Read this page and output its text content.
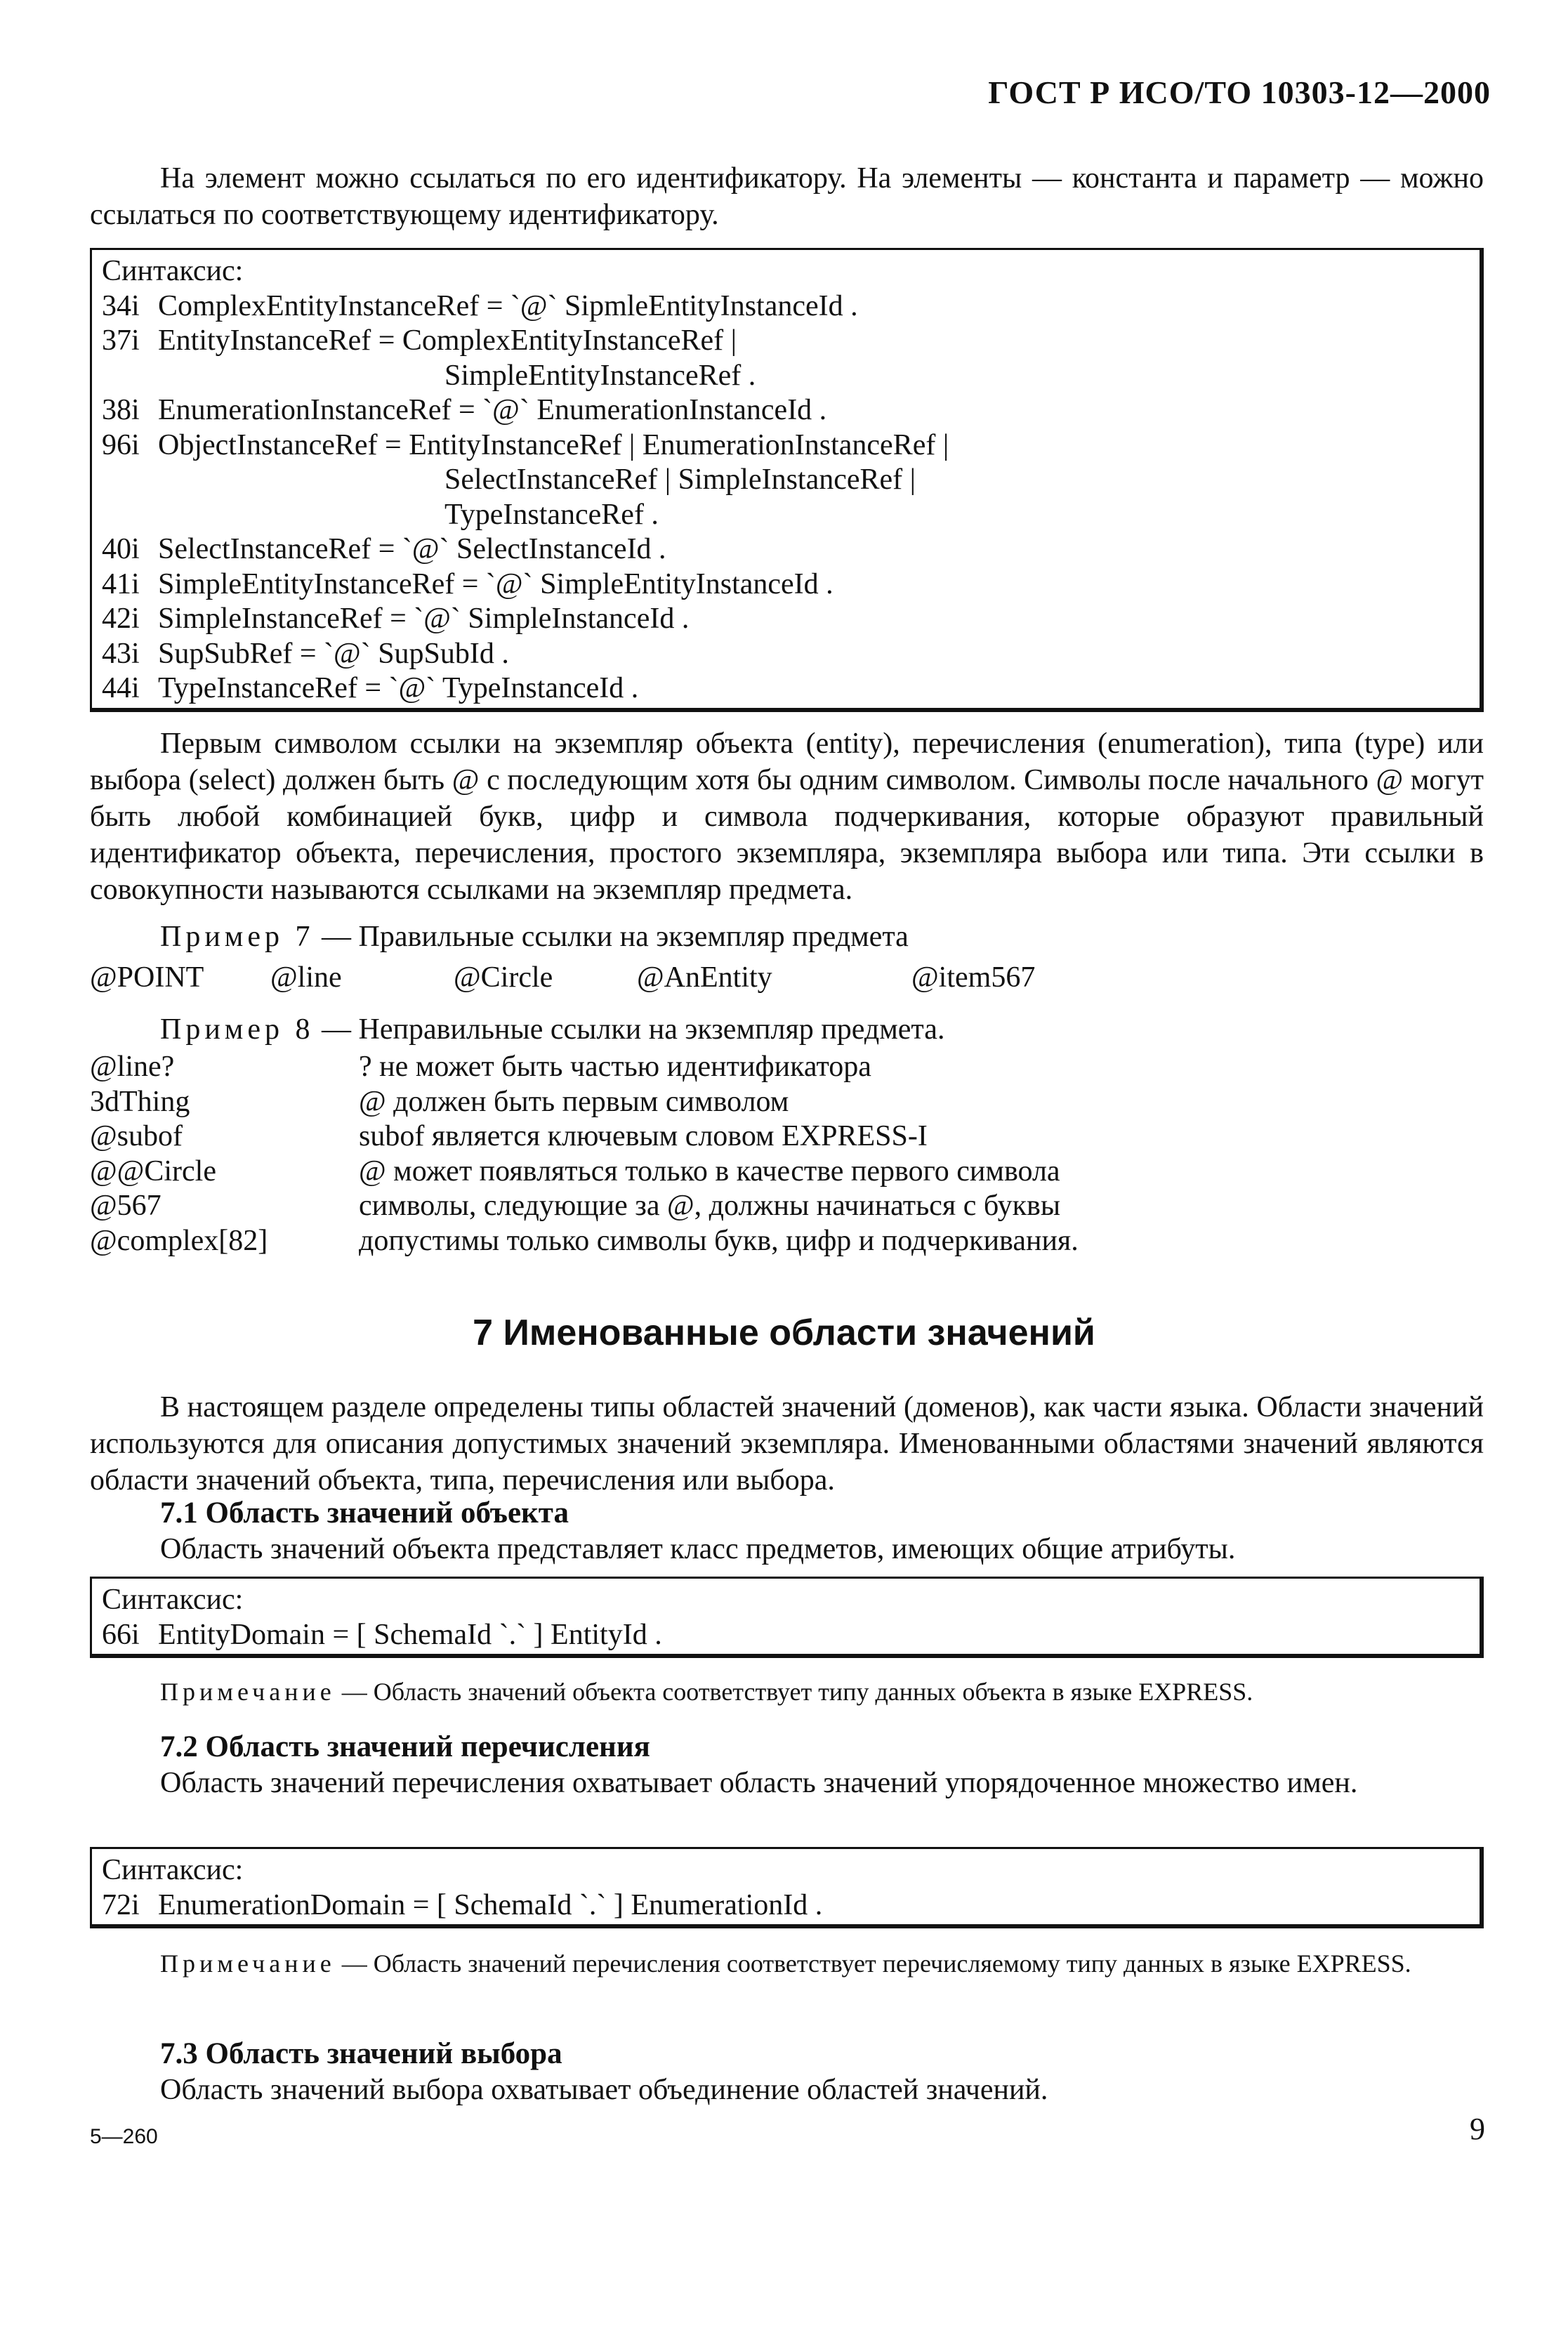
ГОСТ Р ИСО/ТО 10303-12—2000

На элемент можно ссылаться по его идентификатору. На элементы — константа и параметр — можно ссылаться по соответствующему идентификатору.

Синтаксис:

34i ComplexEntityInstanceRef = `@` SipmleEntityInstanceId .
37i EntityInstanceRef = ComplexEntityInstanceRef |
SimpleEntityInstanceRef .
38i EnumerationInstanceRef = `@` EnumerationInstanceId .
96i ObjectInstanceRef = EntityInstanceRef | EnumerationInstanceRef |
SelectInstanceRef | SimpleInstanceRef |
TypeInstanceRef .
40i SelectInstanceRef = `@` SelectInstanceId .
41i SimpleEntityInstanceRef = `@` SimpleEntityInstanceId .
42i SimpleInstanceRef = `@` SimpleInstanceId .
43i SupSubRef = `@` SupSubId .
44i TypeInstanceRef = `@` TypeInstanceId .

Первым символом ссылки на экземпляр объекта (entity), перечисления (enumeration), типа (type) или выбора (select) должен быть @ с последующим хотя бы одним символом. Символы после начального @ могут быть любой комбинацией букв, цифр и символа подчеркивания, которые образуют правильный идентификатор объекта, перечисления, простого экземпляра, экземпляра выбора или типа. Эти ссылки в совокупности называются ссылками на экземпляр предмета.

Пример 7 — Правильные ссылки на экземпляр предмета
@POINT @line	@Circle	@AnEntity	@item567
Пример 8 — Неправильные ссылки на экземпляр предмета.
@line?	? не может быть частью идентификатора
3dThing	@ должен быть первым символом
@subof	subof является ключевым словом EXPRESS-I
@@Circle	@ может появляться только в качестве первого символа
@567	символы, следующие за @, должны начинаться с буквы
@complex[82]	допустимы только символы букв, цифр и подчеркивания.
7 Именованные области значений

В настоящем разделе определены типы областей значений (доменов), как части языка. Области значений используются для описания допустимых значений экземпляра. Именованными областями значений являются области значений объекта, типа, перечисления или выбора.

7.1 Область значений объекта

Область значений объекта представляет класс предметов, имеющих общие атрибуты.

Синтаксис:

66i EntityDomain = [ SchemaId `.` ] EntityId .

Примечание — Область значений объекта соответствует типу данных объекта в языке EXPRESS.

7.2 Область значений перечисления

Область значений перечисления охватывает область значений упорядоченное множество имен.

Синтаксис:

72i EnumerationDomain = [ SchemaId `.` ] EnumerationId .

Примечание — Область значений перечисления соответствует перечисляемому типу данных в языке EXPRESS.

7.3 Область значений выбора

Область значений выбора охватывает объединение областей значений.

5—260	9
